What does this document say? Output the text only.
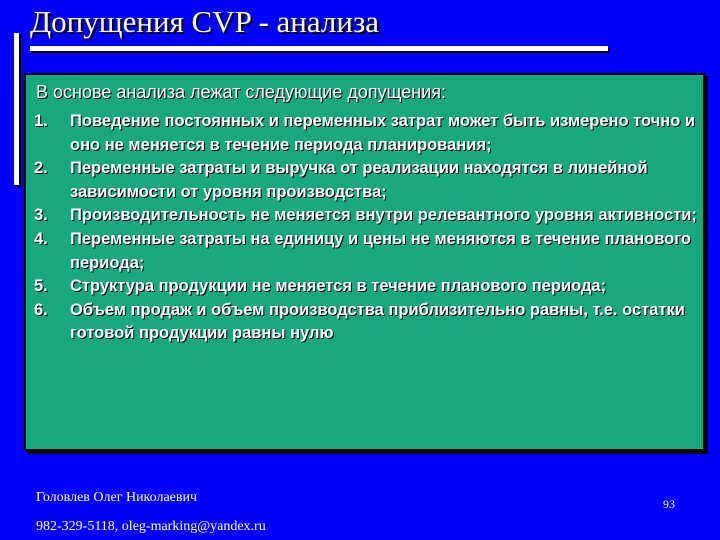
Допущения CVP - анализа
В основе анализа лежат следующие допущения:
1. Поведение постоянных и переменных затрат может быть измерено точно и оно не меняется в течение периода планирования;
2. Переменные затраты и выручка от реализации находятся в линейной зависимости от уровня производства;
3. Производительность не меняется внутри релевантного уровня активности;
4. Переменные затраты на единицу и цены не меняются в течение планового периода;
5. Структура продукции не меняется в течение планового периода;
6. Объем продаж и объем производства приблизительно равны, т.е. остатки готовой продукции равны нулю
Головлев Олег Николаевич
982-329-5118, oleg-marking@yandex.ru
93
